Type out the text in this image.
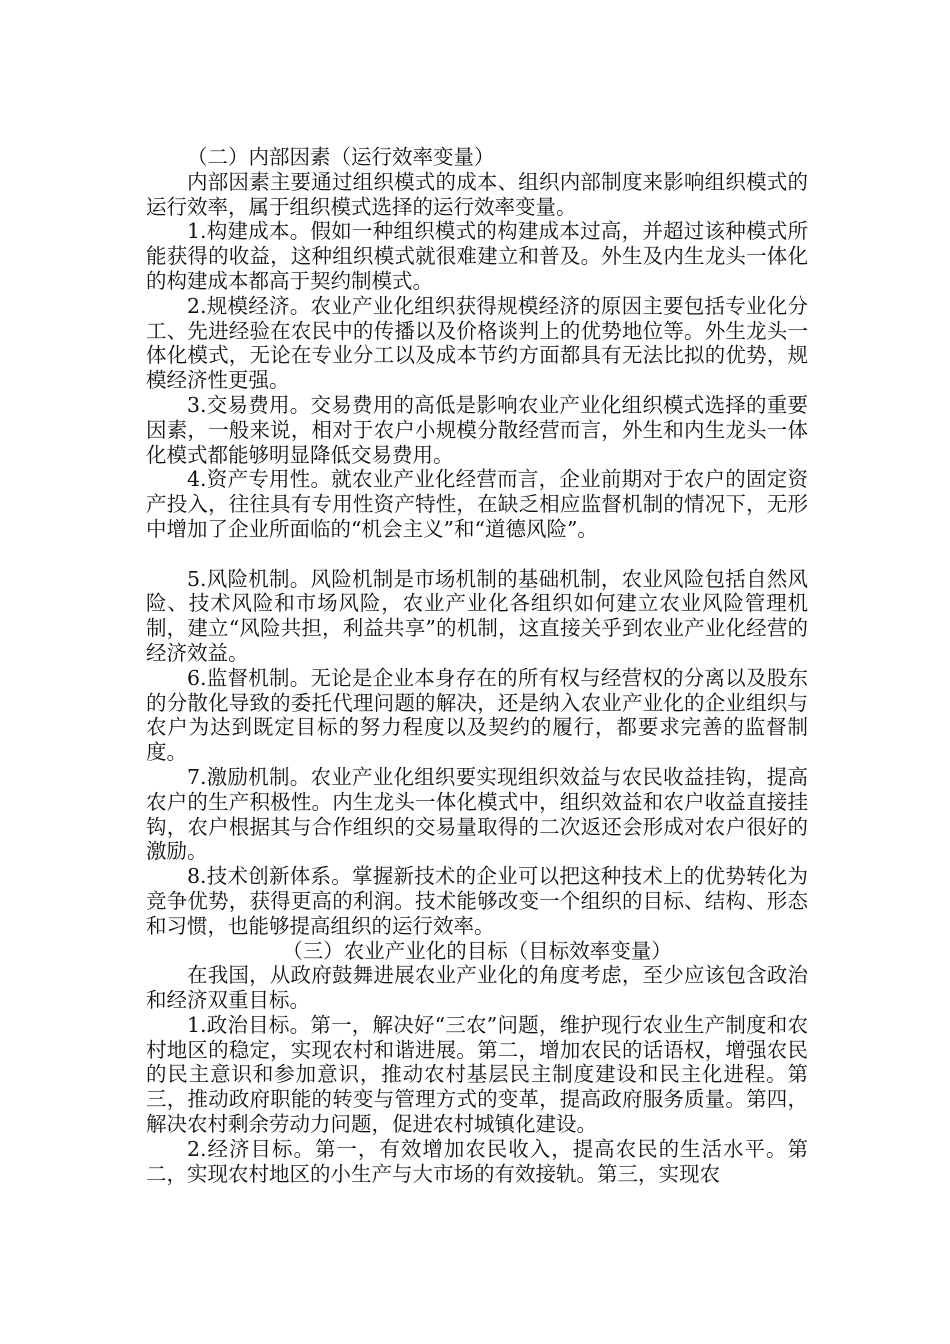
（二）内部因素（运行效率变量）

内部因素主要通过组织模式的成本、组织内部制度来影响组织模式的运行效率，属于组织模式选择的运行效率变量。

1.构建成本。假如一种组织模式的构建成本过高，并超过该种模式所能获得的收益，这种组织模式就很难建立和普及。外生及内生龙头一体化的构建成本都高于契约制模式。

2.规模经济。农业产业化组织获得规模经济的原因主要包括专业化分工、先进经验在农民中的传播以及价格谈判上的优势地位等。外生龙头一体化模式，无论在专业分工以及成本节约方面都具有无法比拟的优势，规模经济性更强。

3.交易费用。交易费用的高低是影响农业产业化组织模式选择的重要因素，一般来说，相对于农户小规模分散经营而言，外生和内生龙头一体化模式都能够明显降低交易费用。

4.资产专用性。就农业产业化经营而言，企业前期对于农户的固定资产投入，往往具有专用性资产特性，在缺乏相应监督机制的情况下，无形中增加了企业所面临的“机会主义”和“道德风险”。

5.风险机制。风险机制是市场机制的基础机制，农业风险包括自然风险、技术风险和市场风险，农业产业化各组织如何建立农业风险管理机制，建立“风险共担，利益共享”的机制，这直接关乎到农业产业化经营的经济效益。

6.监督机制。无论是企业本身存在的所有权与经营权的分离以及股东的分散化导致的委托代理问题的解决，还是纳入农业产业化的企业组织与农户为达到既定目标的努力程度以及契约的履行，都要求完善的监督制度。

7.激励机制。农业产业化组织要实现组织效益与农民收益挂钩，提高农户的生产积极性。内生龙头一体化模式中，组织效益和农户收益直接挂钩，农户根据其与合作组织的交易量取得的二次返还会形成对农户很好的激励。

8.技术创新体系。掌握新技术的企业可以把这种技术上的优势转化为竞争优势，获得更高的利润。技术能够改变一个组织的目标、结构、形态和习惯，也能够提高组织的运行效率。

（三）农业产业化的目标（目标效率变量）

在我国，从政府鼓舞进展农业产业化的角度考虑，至少应该包含政治和经济双重目标。

1.政治目标。第一，解决好“三农”问题，维护现行农业生产制度和农村地区的稳定，实现农村和谐进展。第二，增加农民的话语权，增强农民的民主意识和参加意识，推动农村基层民主制度建设和民主化进程。第三，推动政府职能的转变与管理方式的变革，提高政府服务质量。第四，解决农村剩余劳动力问题，促进农村城镇化建设。

2.经济目标。第一，有效增加农民收入，提高农民的生活水平。第二，实现农村地区的小生产与大市场的有效接轨。第三，实现农
